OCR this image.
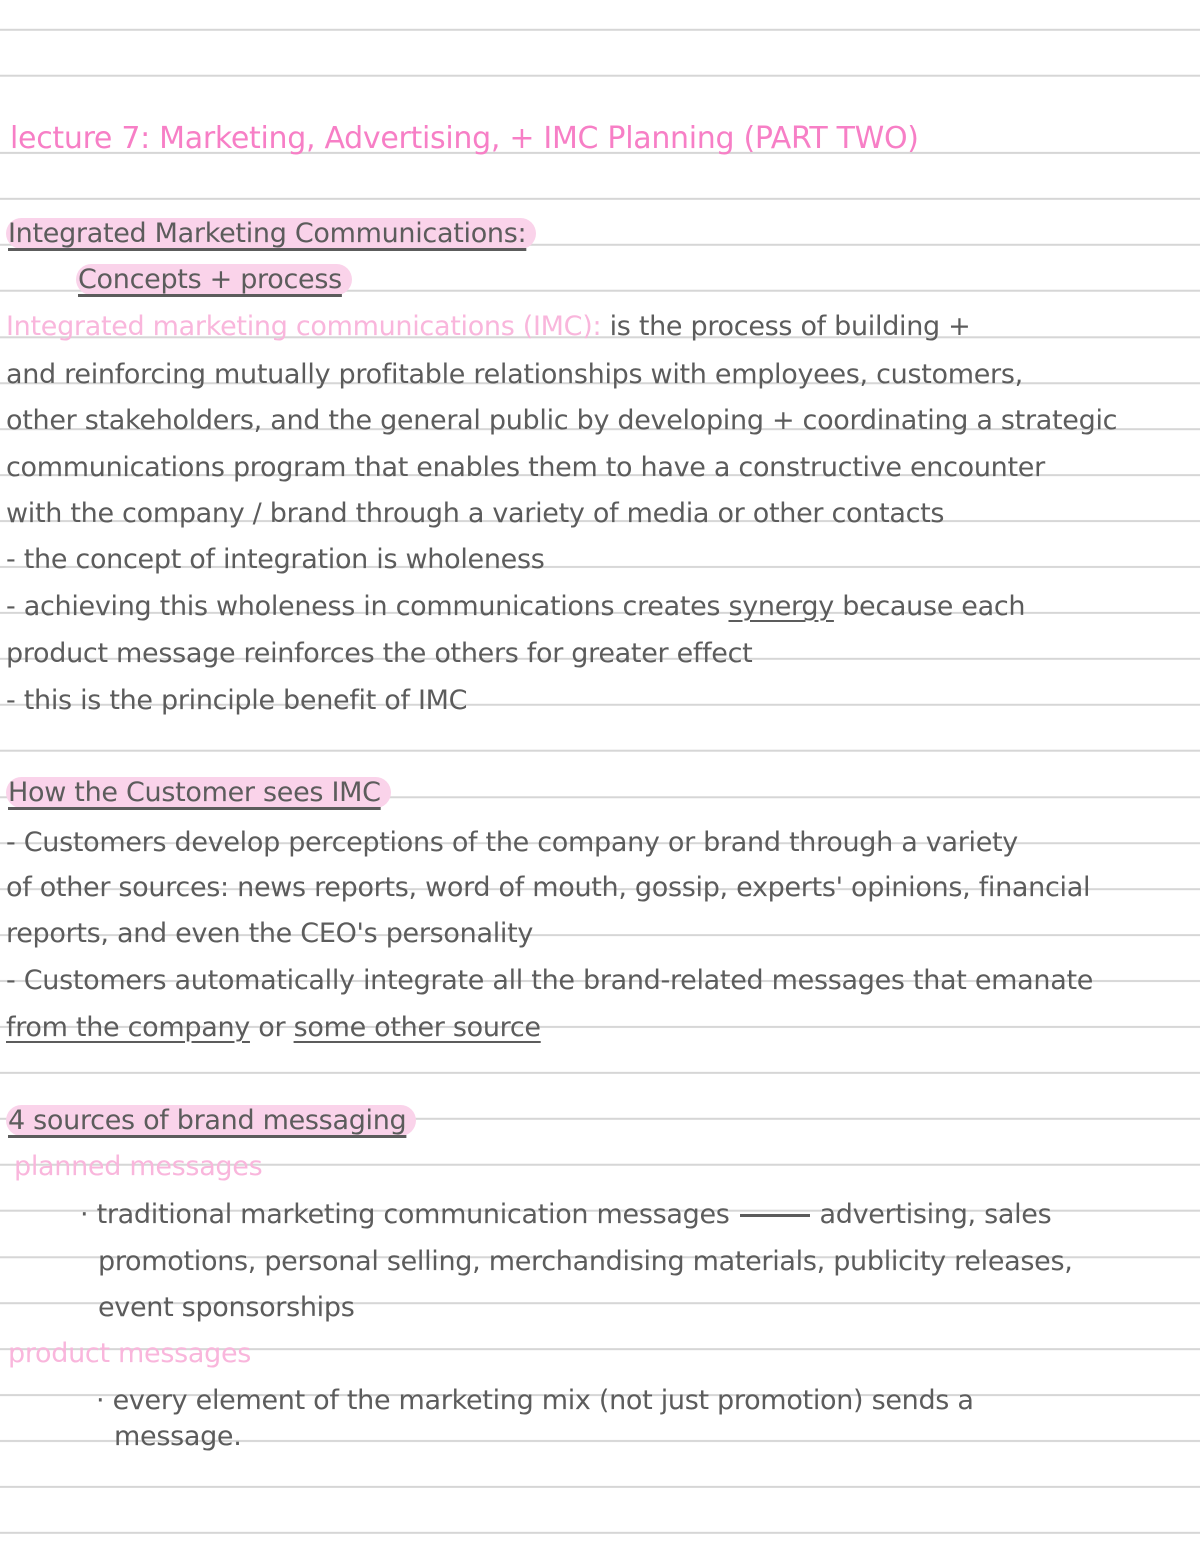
lecture 7: Marketing, Advertising, + IMC Planning (PART TWO)
Integrated Marketing Communications:
Concepts + process
Integrated marketing communications (IMC): is the process of building +
and reinforcing mutually profitable relationships with employees, customers,
other stakeholders, and the general public by developing + coordinating a strategic
communications program that enables them to have a constructive encounter
with the company / brand through a variety of media or other contacts
- the concept of integration is wholeness
- achieving this wholeness in communications creates synergy because each
product message reinforces the others for greater effect
- this is the principle benefit of IMC
How the Customer sees IMC
- Customers develop perceptions of the company or brand through a variety
of other sources: news reports, word of mouth, gossip, experts' opinions, financial
reports, and even the CEO's personality
- Customers automatically integrate all the brand-related messages that emanate
from the company or some other source
4 sources of brand messaging
planned messages
· traditional marketing communication messages	advertising, sales
promotions, personal selling, merchandising materials, publicity releases,
event sponsorships
product messages
· every element of the marketing mix (not just promotion) sends a
message.
